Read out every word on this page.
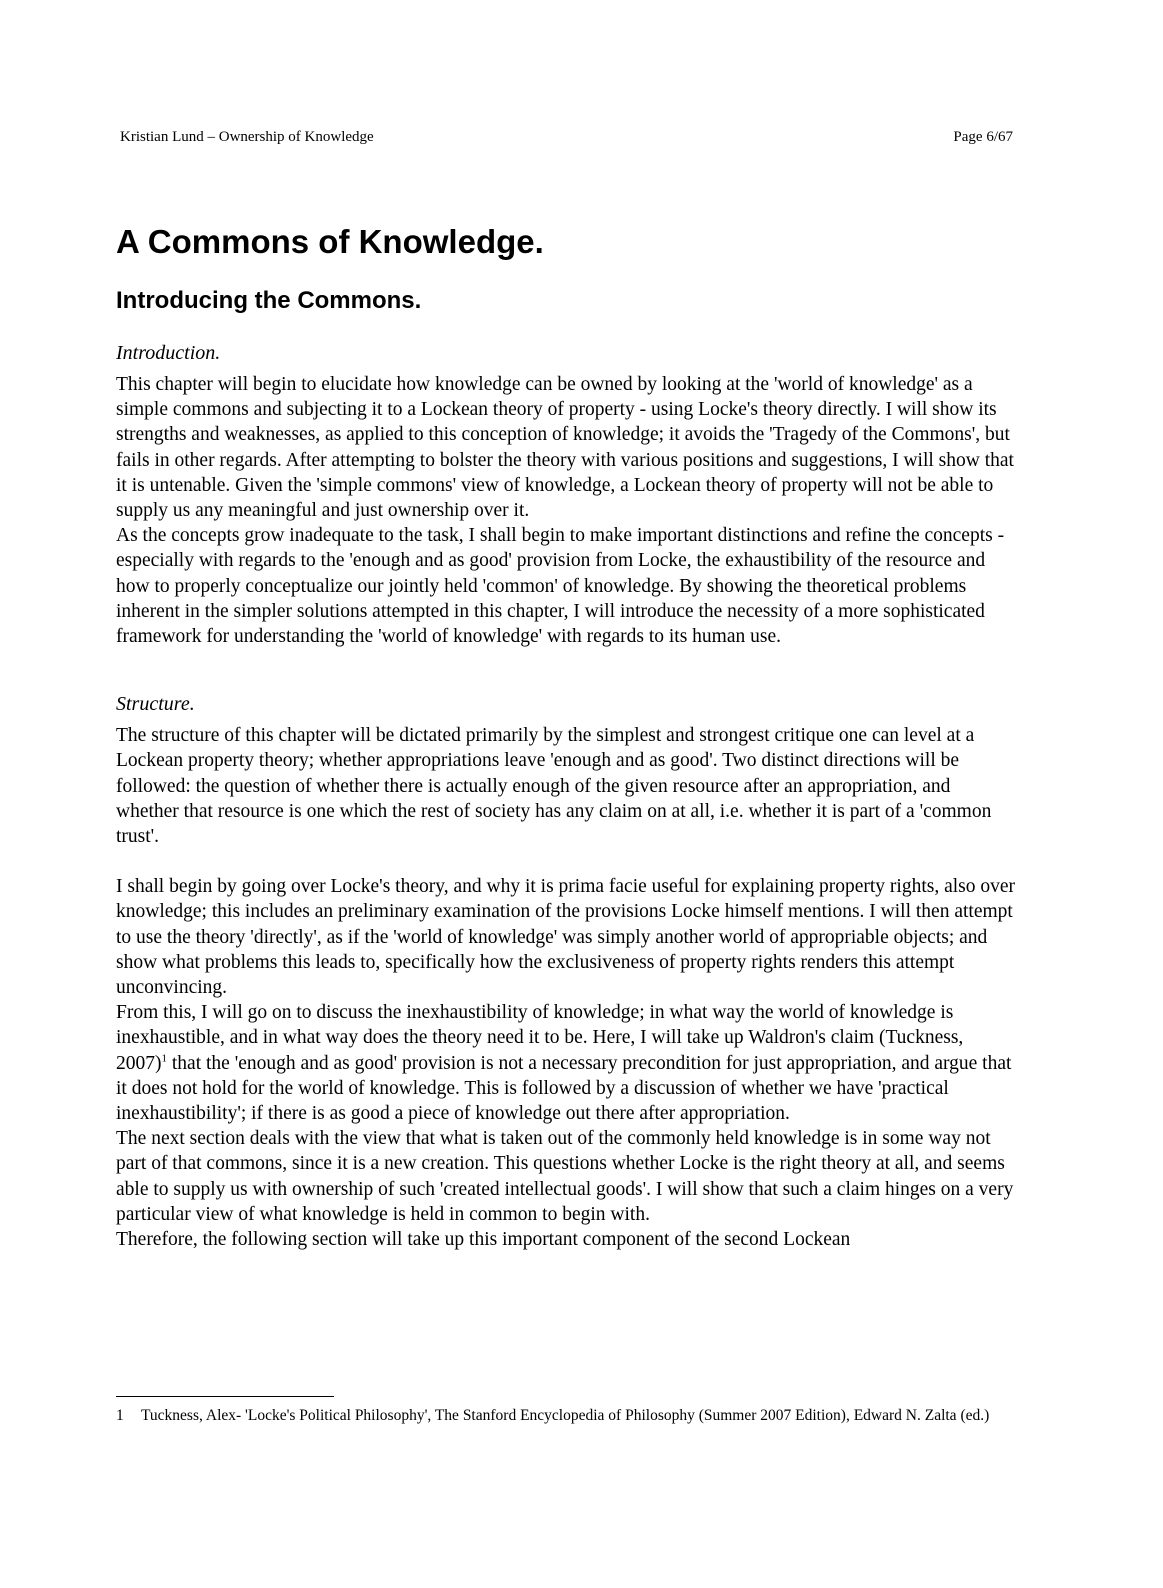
Kristian Lund – Ownership of Knowledge	Page 6/67
A Commons of Knowledge.
Introducing the Commons.
Introduction.

This chapter will begin to elucidate how knowledge can be owned by looking at the 'world of knowledge' as a simple commons and subjecting it to a Lockean theory of property - using Locke's theory directly. I will show its strengths and weaknesses, as applied to this conception of knowledge; it avoids the 'Tragedy of the Commons', but fails in other regards. After attempting to bolster the theory with various positions and suggestions, I will show that it is untenable. Given the 'simple commons' view of knowledge, a Lockean theory of property will not be able to supply us any meaningful and just ownership over it.

As the concepts grow inadequate to the task, I shall begin to make important distinctions and refine the concepts - especially with regards to the 'enough and as good' provision from Locke, the exhaustibility of the resource and how to properly conceptualize our jointly held 'common' of knowledge. By showing the theoretical problems inherent in the simpler solutions attempted in this chapter, I will introduce the necessity of a more sophisticated framework for understanding the 'world of knowledge' with regards to its human use.

Structure.

The structure of this chapter will be dictated primarily by the simplest and strongest critique one can level at a Lockean property theory; whether appropriations leave 'enough and as good'. Two distinct directions will be followed: the question of whether there is actually enough of the given resource after an appropriation, and whether that resource is one which the rest of society has any claim on at all, i.e. whether it is part of a 'common trust'.

I shall begin by going over Locke's theory, and why it is prima facie useful for explaining property rights, also over knowledge; this includes an preliminary examination of the provisions Locke himself mentions. I will then attempt to use the theory 'directly', as if the 'world of knowledge' was simply another world of appropriable objects; and show what problems this leads to, specifically how the exclusiveness of property rights renders this attempt unconvincing.

From this, I will go on to discuss the inexhaustibility of knowledge; in what way the world of knowledge is inexhaustible, and in what way does the theory need it to be. Here, I will take up Waldron's claim (Tuckness, 2007)$^1$ that the 'enough and as good' provision is not a necessary precondition for just appropriation, and argue that it does not hold for the world of knowledge. This is followed by a discussion of whether we have 'practical inexhaustibility'; if there is as good a piece of knowledge out there after appropriation.

The next section deals with the view that what is taken out of the commonly held knowledge is in some way not part of that commons, since it is a new creation. This questions whether Locke is the right theory at all, and seems able to supply us with ownership of such 'created intellectual goods'. I will show that such a claim hinges on a very particular view of what knowledge is held in common to begin with.

Therefore, the following section will take up this important component of the second Lockean

1	Tuckness, Alex- 'Locke's Political Philosophy', The Stanford Encyclopedia of Philosophy (Summer 2007 Edition), Edward N. Zalta (ed.)
